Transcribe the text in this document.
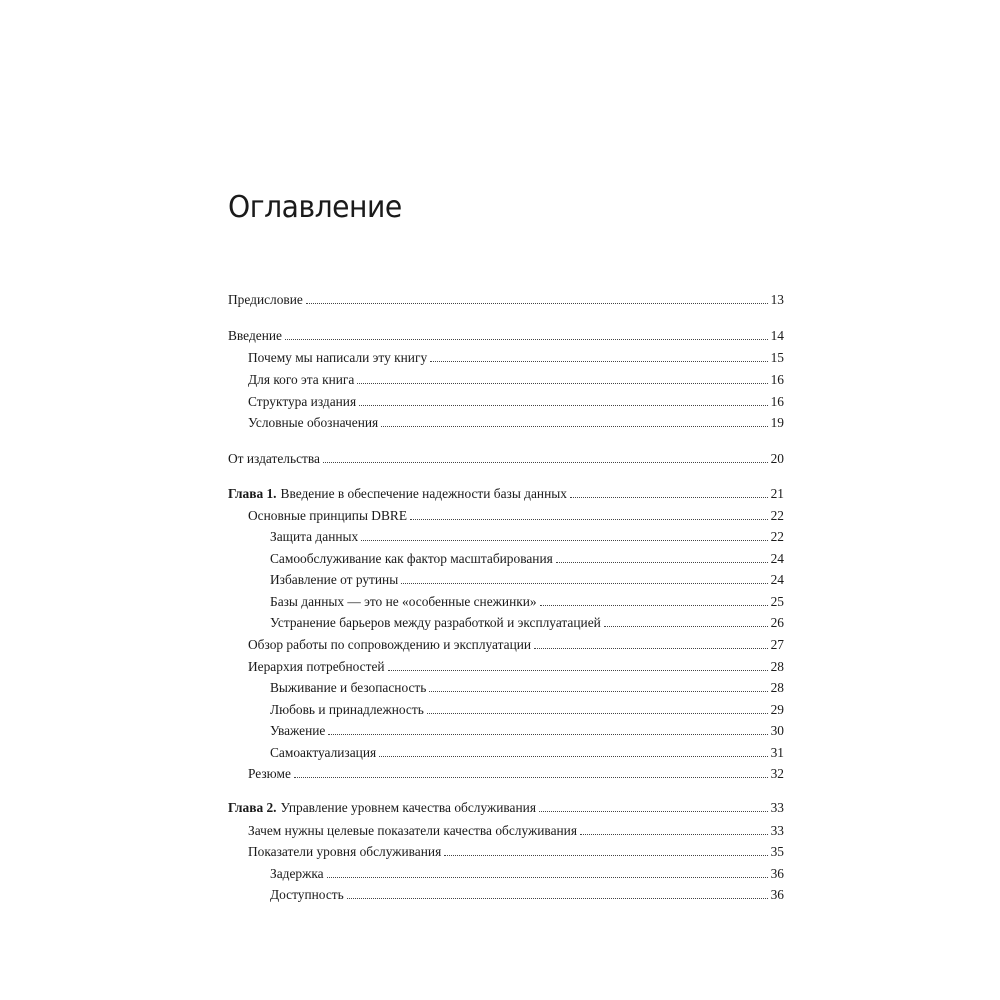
Оглавление
Предисловие	13
Введение	14
Почему мы написали эту книгу	15
Для кого эта книга	16
Структура издания	16
Условные обозначения	19
От издательства	20
Глава 1. Введение в обеспечение надежности базы данных	21
Основные принципы DBRE	22
Защита данных	22
Самообслуживание как фактор масштабирования	24
Избавление от рутины	24
Базы данных — это не «особенные снежинки»	25
Устранение барьеров между разработкой и эксплуатацией	26
Обзор работы по сопровождению и эксплуатации	27
Иерархия потребностей	28
Выживание и безопасность	28
Любовь и принадлежность	29
Уважение	30
Самоактуализация	31
Резюме	32
Глава 2. Управление уровнем качества обслуживания	33
Зачем нужны целевые показатели качества обслуживания	33
Показатели уровня обслуживания	35
Задержка	36
Доступность	36
